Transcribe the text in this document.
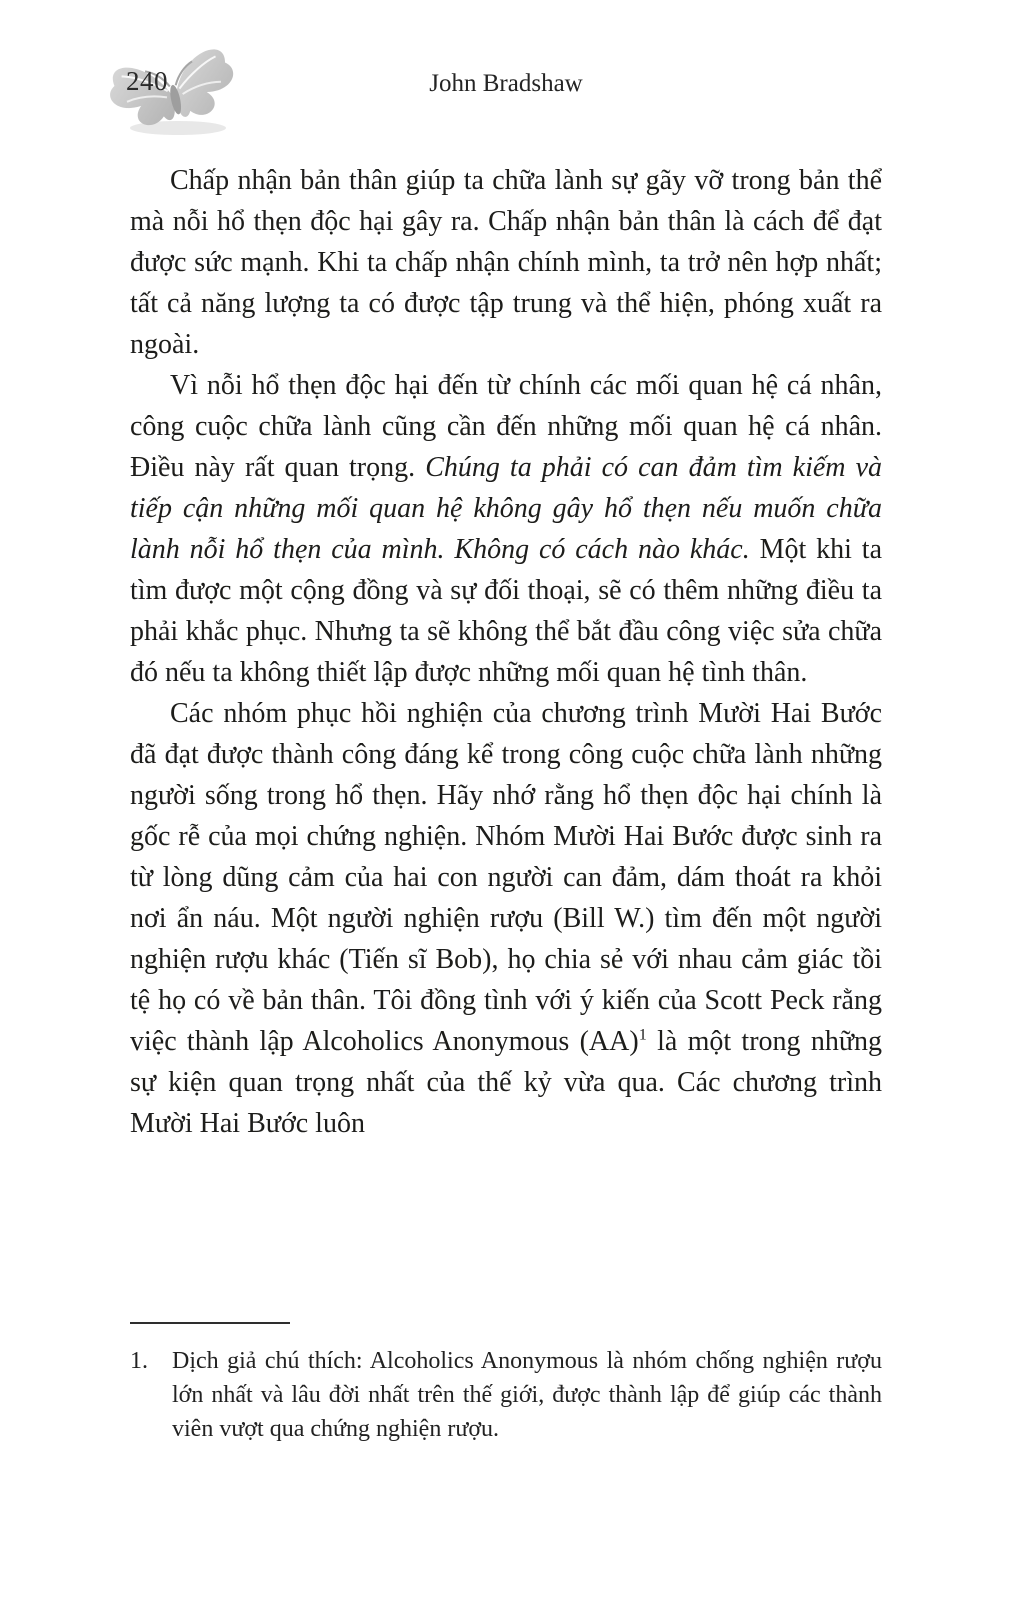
240	John Bradshaw

Chấp nhận bản thân giúp ta chữa lành sự gãy vỡ trong bản thể mà nỗi hổ thẹn độc hại gây ra. Chấp nhận bản thân là cách để đạt được sức mạnh. Khi ta chấp nhận chính mình, ta trở nên hợp nhất; tất cả năng lượng ta có được tập trung và thể hiện, phóng xuất ra ngoài.

Vì nỗi hổ thẹn độc hại đến từ chính các mối quan hệ cá nhân, công cuộc chữa lành cũng cần đến những mối quan hệ cá nhân. Điều này rất quan trọng. Chúng ta phải có can đảm tìm kiếm và tiếp cận những mối quan hệ không gây hổ thẹn nếu muốn chữa lành nỗi hổ thẹn của mình. Không có cách nào khác. Một khi ta tìm được một cộng đồng và sự đối thoại, sẽ có thêm những điều ta phải khắc phục. Nhưng ta sẽ không thể bắt đầu công việc sửa chữa đó nếu ta không thiết lập được những mối quan hệ tình thân.

Các nhóm phục hồi nghiện của chương trình Mười Hai Bước đã đạt được thành công đáng kể trong công cuộc chữa lành những người sống trong hổ thẹn. Hãy nhớ rằng hổ thẹn độc hại chính là gốc rễ của mọi chứng nghiện. Nhóm Mười Hai Bước được sinh ra từ lòng dũng cảm của hai con người can đảm, dám thoát ra khỏi nơi ẩn náu. Một người nghiện rượu (Bill W.) tìm đến một người nghiện rượu khác (Tiến sĩ Bob), họ chia sẻ với nhau cảm giác tồi tệ họ có về bản thân. Tôi đồng tình với ý kiến của Scott Peck rằng việc thành lập Alcoholics Anonymous (AA)$^1$ là một trong những sự kiện quan trọng nhất của thế kỷ vừa qua. Các chương trình Mười Hai Bước luôn

1. Dịch giả chú thích: Alcoholics Anonymous là nhóm chống nghiện rượu lớn nhất và lâu đời nhất trên thế giới, được thành lập để giúp các thành viên vượt qua chứng nghiện rượu.
